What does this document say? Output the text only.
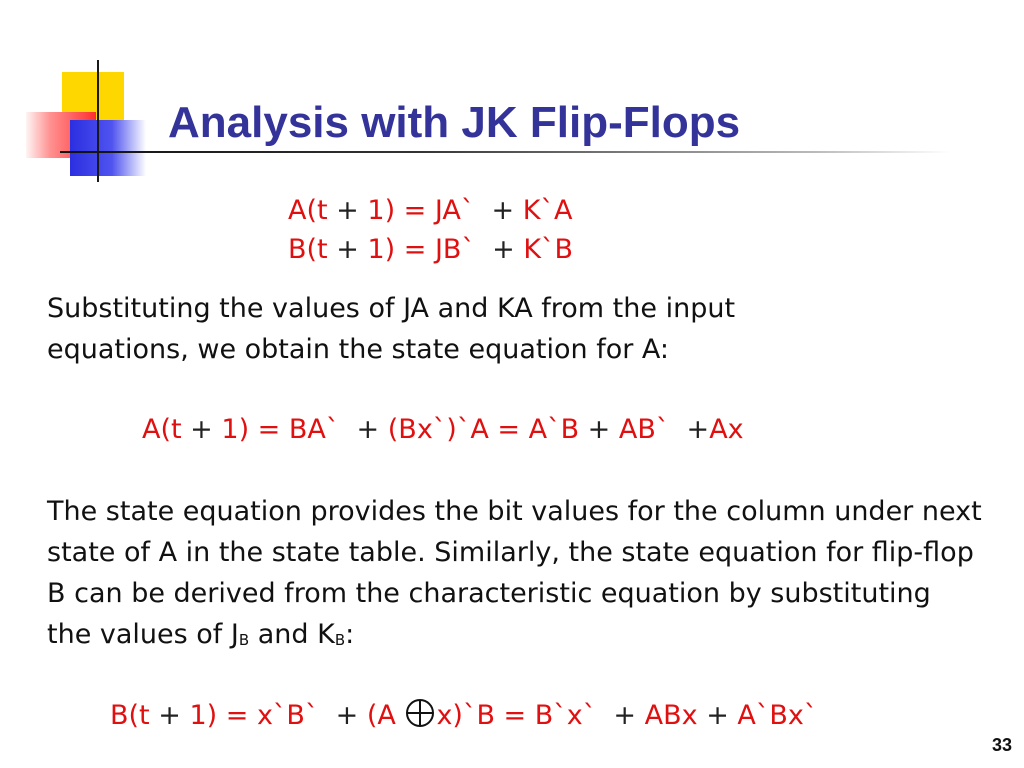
Analysis with JK Flip-Flops
A(t + 1) = JA`  + K`A
B(t + 1) = JB`  + K`B

Substituting the values of JA and KA from the input equations, we obtain the state equation for A:

A(t + 1) = BA`  + (Bx`)`A = A`B + AB`  +Ax

The state equation provides the bit values for the column under next state of A in the state table. Similarly, the state equation for flip-flop B can be derived from the characteristic equation by substituting the values of $J_B$ and $K_B$:

B(t + 1) = x`B`  + (A x)`B = B`x`  + ABx + A`Bx`
33
